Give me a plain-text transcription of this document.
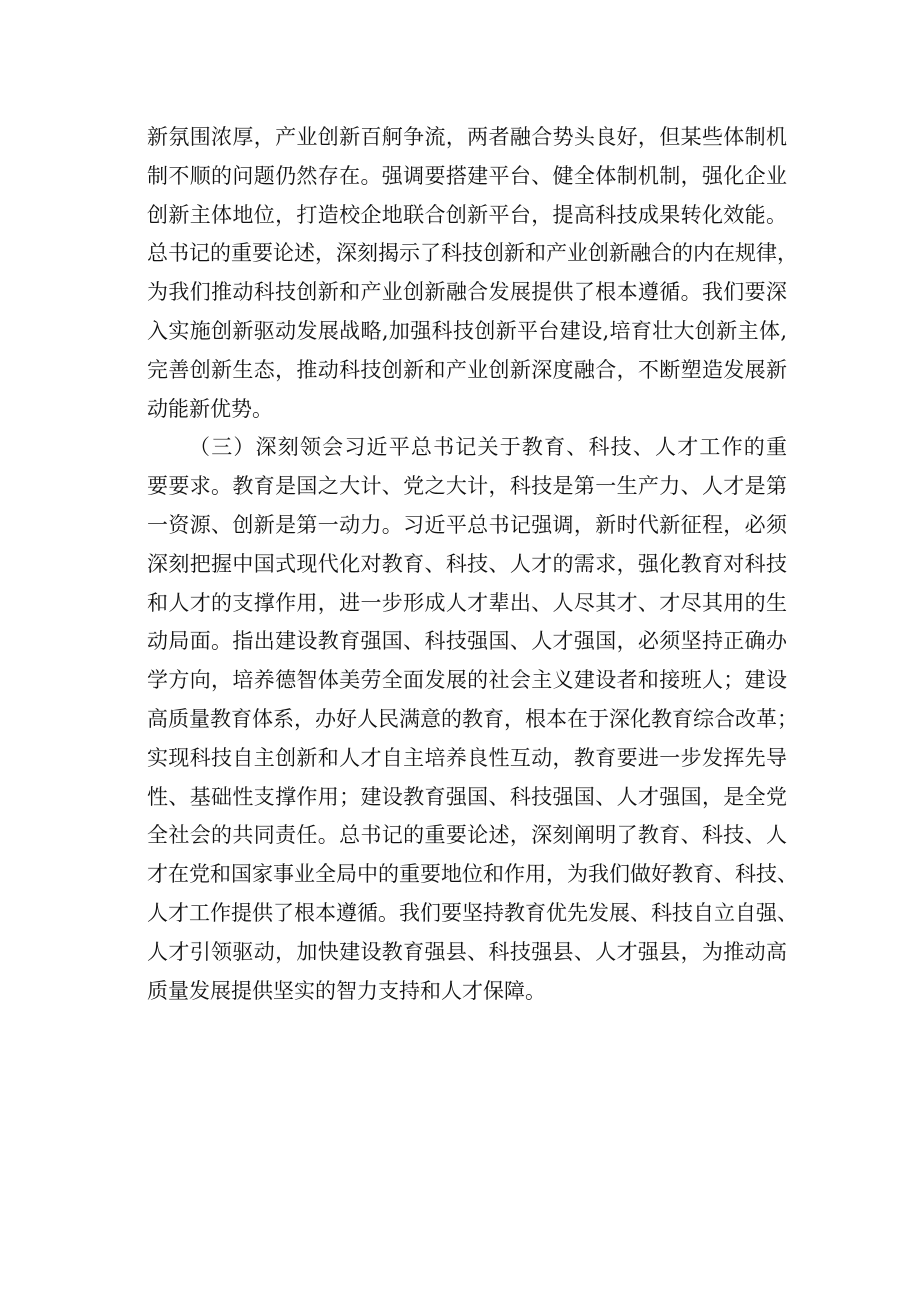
新氛围浓厚，产业创新百舸争流，两者融合势头良好，但某些体制机
制不顺的问题仍然存在。强调要搭建平台、健全体制机制，强化企业
创新主体地位，打造校企地联合创新平台，提高科技成果转化效能。
总书记的重要论述，深刻揭示了科技创新和产业创新融合的内在规律，
为我们推动科技创新和产业创新融合发展提供了根本遵循。我们要深
入实施创新驱动发展战略,加强科技创新平台建设,培育壮大创新主体,
完善创新生态，推动科技创新和产业创新深度融合，不断塑造发展新
动能新优势。
（三）深刻领会习近平总书记关于教育、科技、人才工作的重
要要求。教育是国之大计、党之大计，科技是第一生产力、人才是第
一资源、创新是第一动力。习近平总书记强调，新时代新征程，必须
深刻把握中国式现代化对教育、科技、人才的需求，强化教育对科技
和人才的支撑作用，进一步形成人才辈出、人尽其才、才尽其用的生
动局面。指出建设教育强国、科技强国、人才强国，必须坚持正确办
学方向，培养德智体美劳全面发展的社会主义建设者和接班人；建设
高质量教育体系，办好人民满意的教育，根本在于深化教育综合改革；
实现科技自主创新和人才自主培养良性互动，教育要进一步发挥先导
性、基础性支撑作用；建设教育强国、科技强国、人才强国，是全党
全社会的共同责任。总书记的重要论述，深刻阐明了教育、科技、人
才在党和国家事业全局中的重要地位和作用，为我们做好教育、科技、
人才工作提供了根本遵循。我们要坚持教育优先发展、科技自立自强、
人才引领驱动，加快建设教育强县、科技强县、人才强县，为推动高
质量发展提供坚实的智力支持和人才保障。
